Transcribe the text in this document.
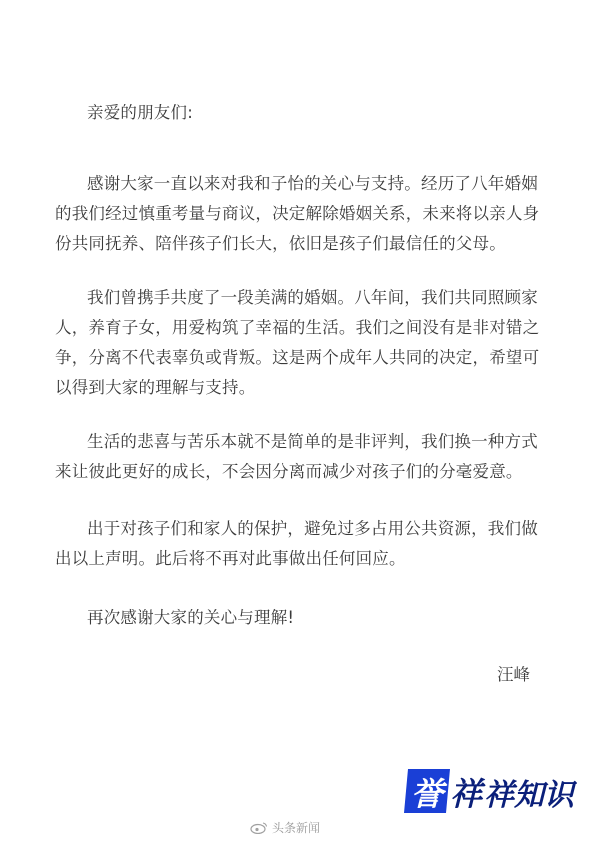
亲爱的朋友们:
感谢大家一直以来对我和子怡的关心与支持。经历了八年婚姻
的我们经过慎重考量与商议，决定解除婚姻关系，未来将以亲人身
份共同抚养、陪伴孩子们长大，依旧是孩子们最信任的父母。
我们曾携手共度了一段美满的婚姻。八年间，我们共同照顾家
人，养育子女，用爱构筑了幸福的生活。我们之间没有是非对错之
争，分离不代表辜负或背叛。这是两个成年人共同的决定，希望可
以得到大家的理解与支持。
生活的悲喜与苦乐本就不是简单的是非评判，我们换一种方式
来让彼此更好的成长，不会因分离而减少对孩子们的分毫爱意。
出于对孩子们和家人的保护，避免过多占用公共资源，我们做
出以上声明。此后将不再对此事做出任何回应。
再次感谢大家的关心与理解!
汪峰
誉 祥 祥知识
头条新闻
